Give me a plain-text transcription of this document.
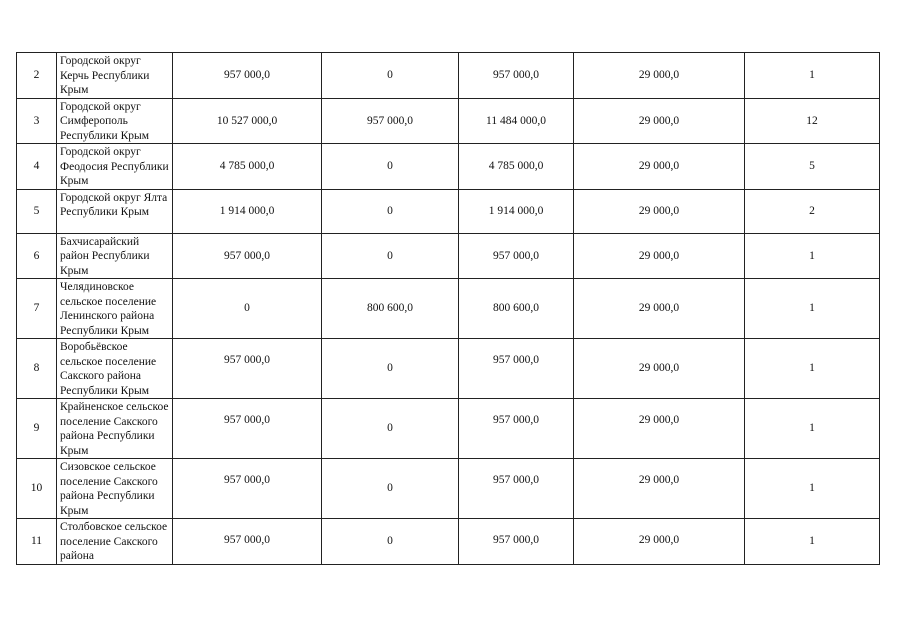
2	Городской округ Керчь Республики Крым	957 000,0	0	957 000,0	29 000,0	1
3	Городской округ Симферополь Республики Крым	10 527 000,0	957 000,0	11 484 000,0	29 000,0	12
4	Городской округ Феодосия Республики Крым	4 785 000,0	0	4 785 000,0	29 000,0	5
5	Городской округ Ялта Республики Крым	1 914 000,0	0	1 914 000,0	29 000,0	2
6	Бахчисарайский район Республики Крым	957 000,0	0	957 000,0	29 000,0	1
7	Челядиновское сельское поселение Ленинского района Республики Крым	0	800 600,0	800 600,0	29 000,0	1
8	Воробьёвское сельское поселение Сакского района Республики Крым	957 000,0	0	957 000,0	29 000,0	1
9	Крайненское сельское поселение Сакского района Республики Крым	957 000,0	0	957 000,0	29 000,0	1
10	Сизовское сельское поселение Сакского района Республики Крым	957 000,0	0	957 000,0	29 000,0	1
11	Столбовское сельское поселение Сакского района	957 000,0	0	957 000,0	29 000,0	1
